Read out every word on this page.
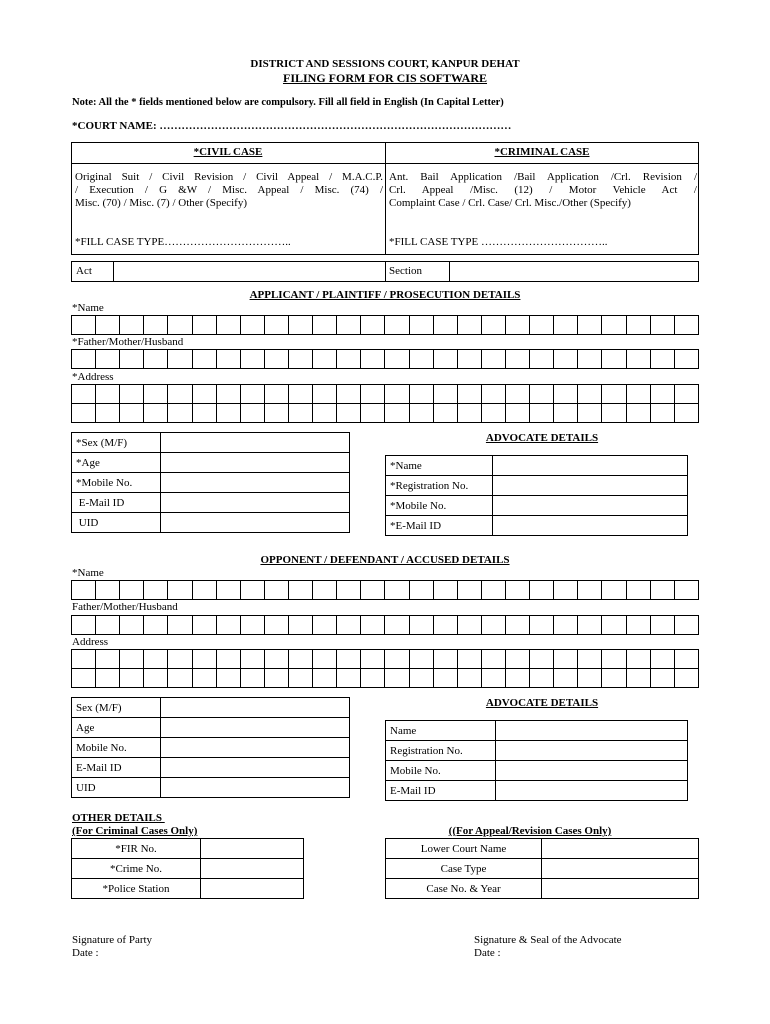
DISTRICT AND SESSIONS COURT, KANPUR DEHAT
FILING FORM FOR CIS SOFTWARE
Note: All the * fields mentioned below are compulsory. Fill all field in English (In Capital Letter)
*COURT NAME: ……………………………………………………………………………………
*CIVIL CASE	*CRIMINAL CASE
Original Suit / Civil Revision / Civil Appeal / M.A.C.P.
/ Execution / G &W / Misc. Appeal / Misc. (74) /
Misc. (70) / Misc. (7) / Other (Specify)
Ant. Bail Application /Bail Application /Crl. Revision /
Crl. Appeal /Misc. (12) / Motor Vehicle Act /
Complaint Case / Crl. Case/ Crl. Misc./Other (Specify)
*FILL CASE TYPE……………………………..	*FILL CASE TYPE ……………………………..
Act	Section
APPLICANT / PLAINTIFF / PROSECUTION DETAILS
*Name
*Father/Mother/Husband
*Address
*Sex (M/F)	
*Age	
*Mobile No.	
E-Mail ID	
UID	
ADVOCATE DETAILS
*Name	
*Registration No.	
*Mobile No.	
*E-Mail ID	
OPPONENT / DEFENDANT / ACCUSED DETAILS
*Name
Father/Mother/Husband
Address
Sex (M/F)	
Age	
Mobile No.	
E-Mail ID	
UID	
ADVOCATE DETAILS
Name	
Registration No.	
Mobile No.	
E-Mail ID	
OTHER DETAILS
(For Criminal Cases Only)	((For Appeal/Revision Cases Only)
*FIR No.	
*Crime No.	
*Police Station	
Lower Court Name	
Case Type	
Case No. & Year	
Signature of Party
Date :
Signature & Seal of the Advocate
Date :
